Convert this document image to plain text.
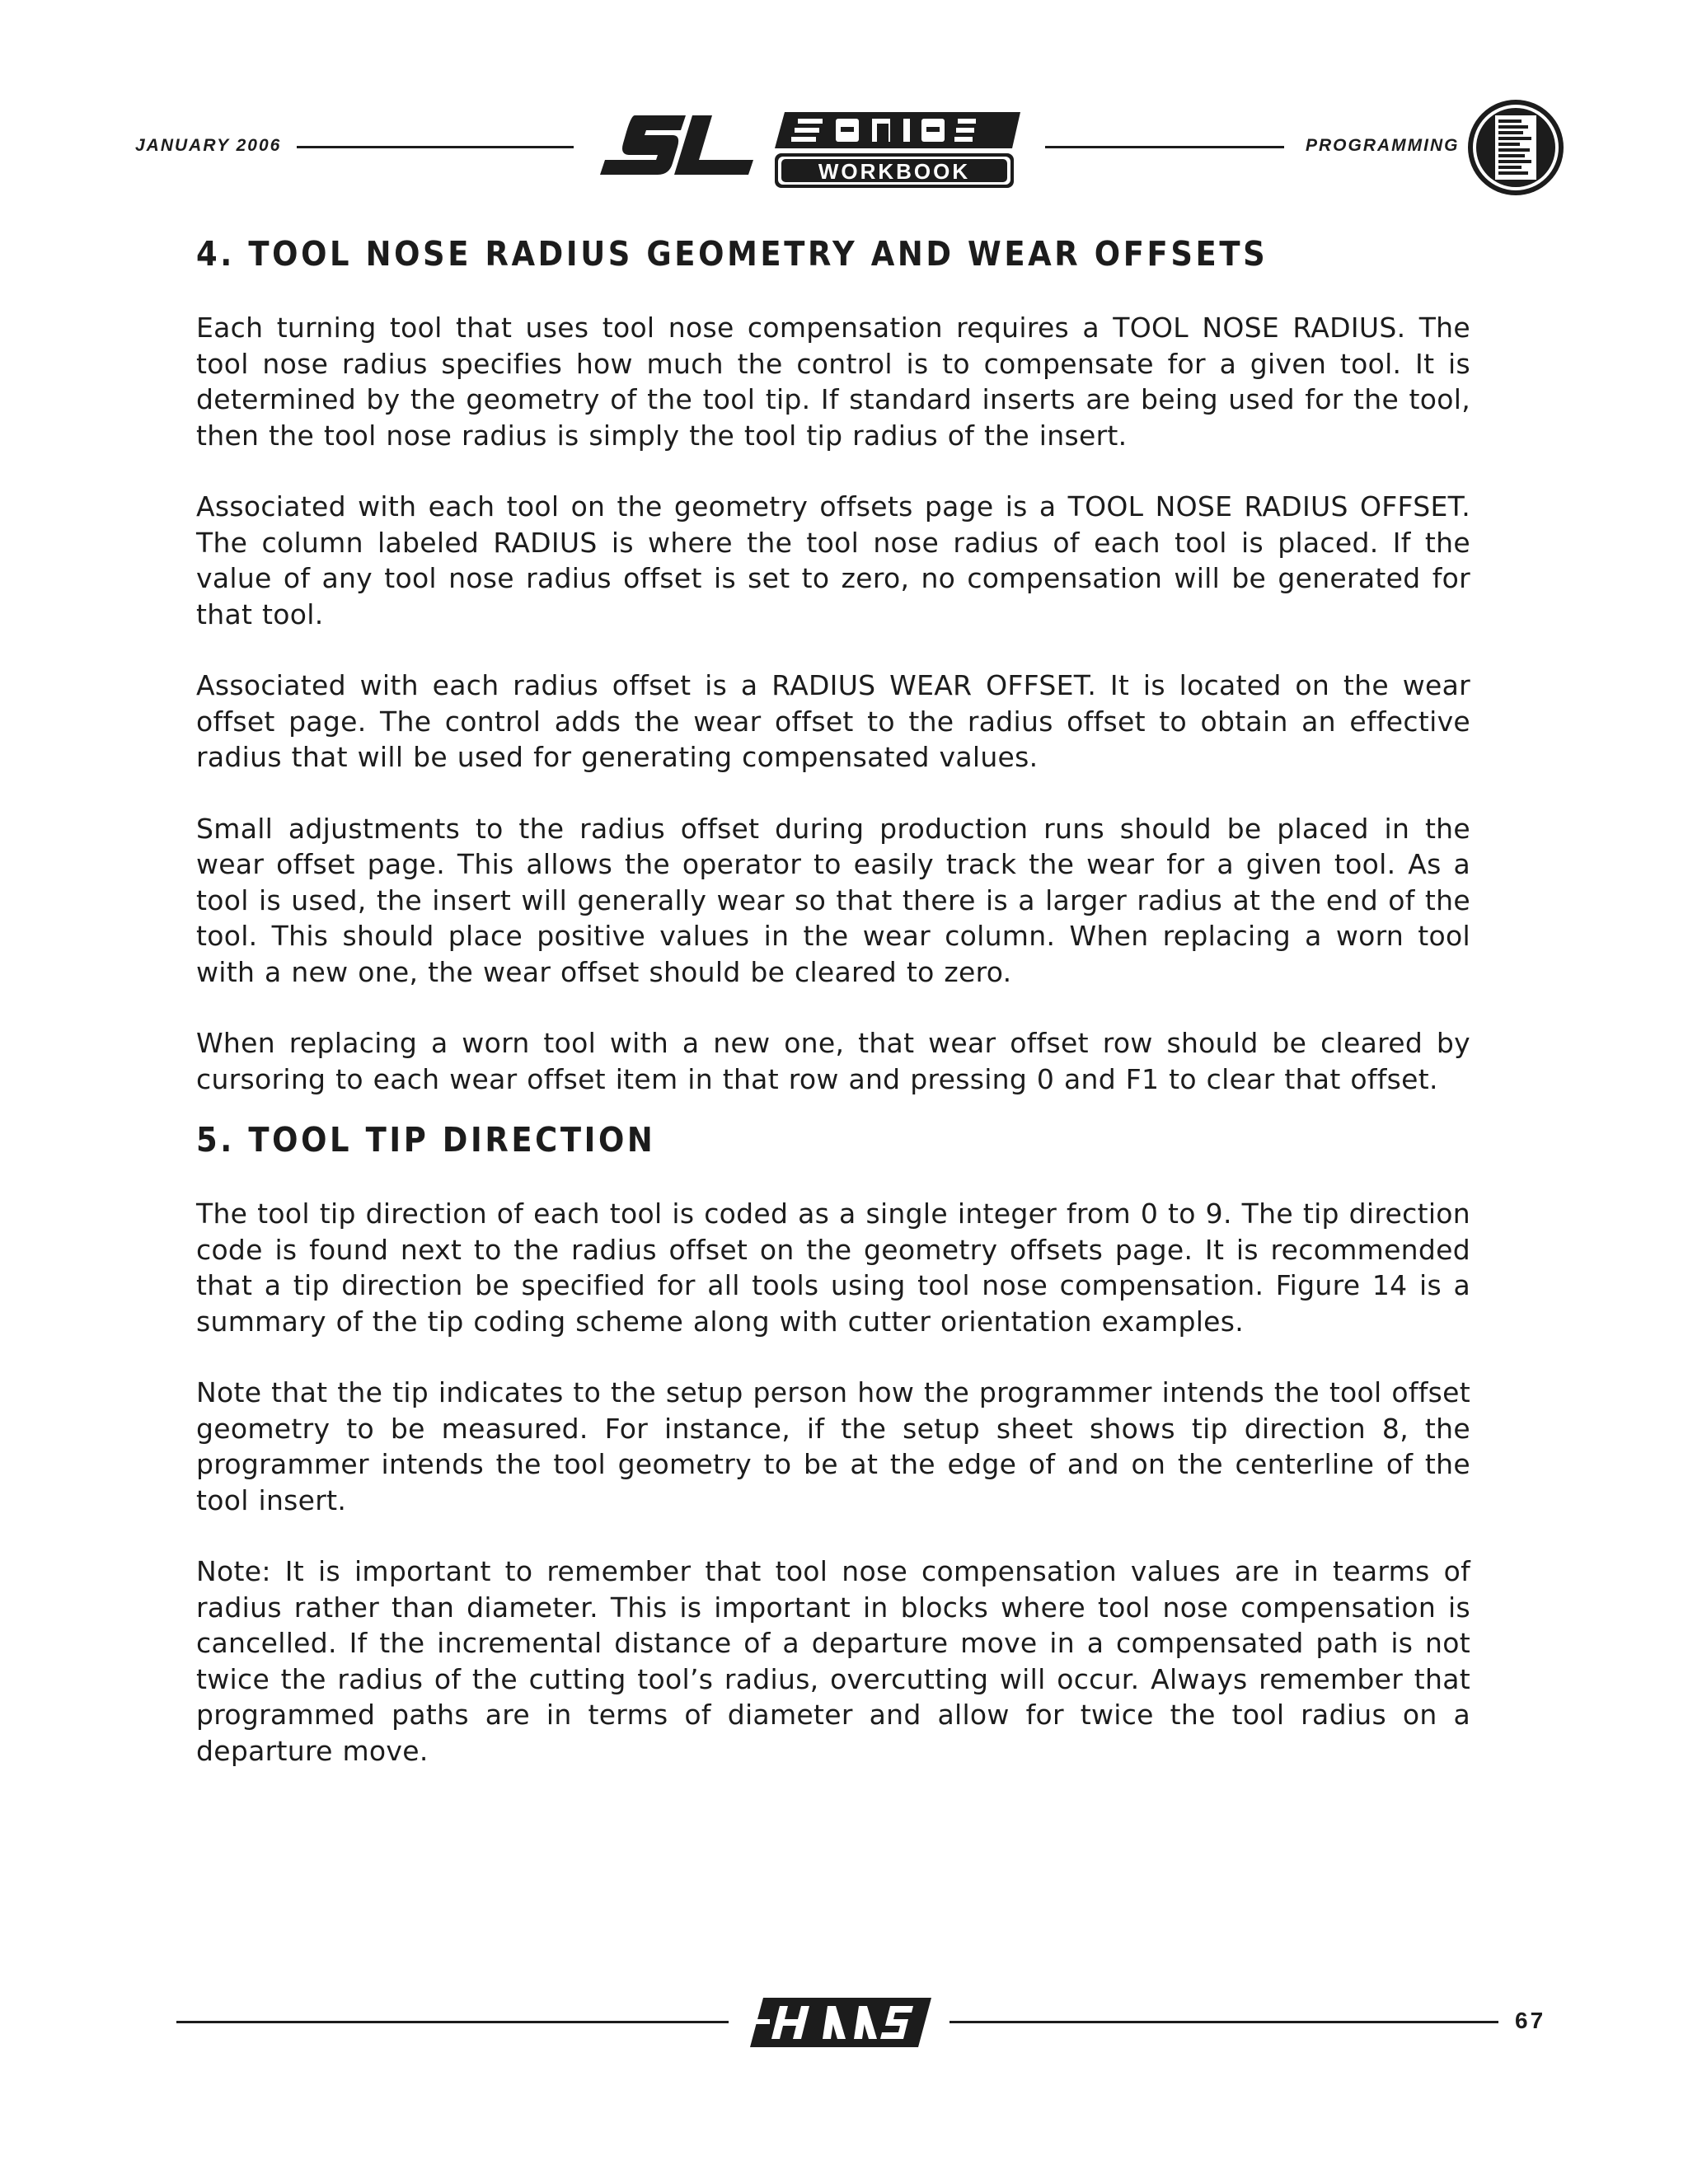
JANUARY 2006
WORKBOOK
PROGRAMMING
4. TOOL NOSE RADIUS GEOMETRY AND WEAR OFFSETS

Each turning tool that uses tool nose compensation requires a TOOL NOSE RADIUS. The tool nose radius specifies how much the control is to compensate for a given tool. It is determined by the geometry of the tool tip. If standard inserts are being used for the tool, then the tool nose radius is simply the tool tip radius of the insert.

Associated with each tool on the geometry offsets page is a TOOL NOSE RADIUS OFFSET. The column labeled RADIUS is where the tool nose radius of each tool is placed. If the value of any tool nose radius offset is set to zero, no compensation will be generated for that tool.

Associated with each radius offset is a RADIUS WEAR OFFSET. It is located on the wear offset page. The control adds the wear offset to the radius offset to obtain an effective radius that will be used for generating compensated values.

Small adjustments to the radius offset during production runs should be placed in the wear offset page. This allows the operator to easily track the wear for a given tool. As a tool is used, the insert will generally wear so that there is a larger radius at the end of the tool. This should place positive values in the wear column. When replacing a worn tool with a new one, the wear offset should be cleared to zero.

When replacing a worn tool with a new one, that wear offset row should be cleared by cursoring to each wear offset item in that row and pressing 0 and F1 to clear that offset.

5. TOOL TIP DIRECTION

The tool tip direction of each tool is coded as a single integer from 0 to 9. The tip direction code is found next to the radius offset on the geometry offsets page. It is recommended that a tip direction be specified for all tools using tool nose compensation. Figure 14 is a summary of the tip coding scheme along with cutter orientation examples.

Note that the tip indicates to the setup person how the programmer intends the tool offset geometry to be measured. For instance, if the setup sheet shows tip direction 8, the programmer intends the tool geometry to be at the edge of and on the centerline of the tool insert.

Note: It is important to remember that tool nose compensation values are in tearms of radius rather than diameter. This is important in blocks where tool nose compensation is cancelled. If the incremental distance of a departure move in a compensated path is not twice the radius of the cutting tool’s radius, overcutting will occur. Always remember that programmed paths are in terms of diameter and allow for twice the tool radius on a departure move.

67
